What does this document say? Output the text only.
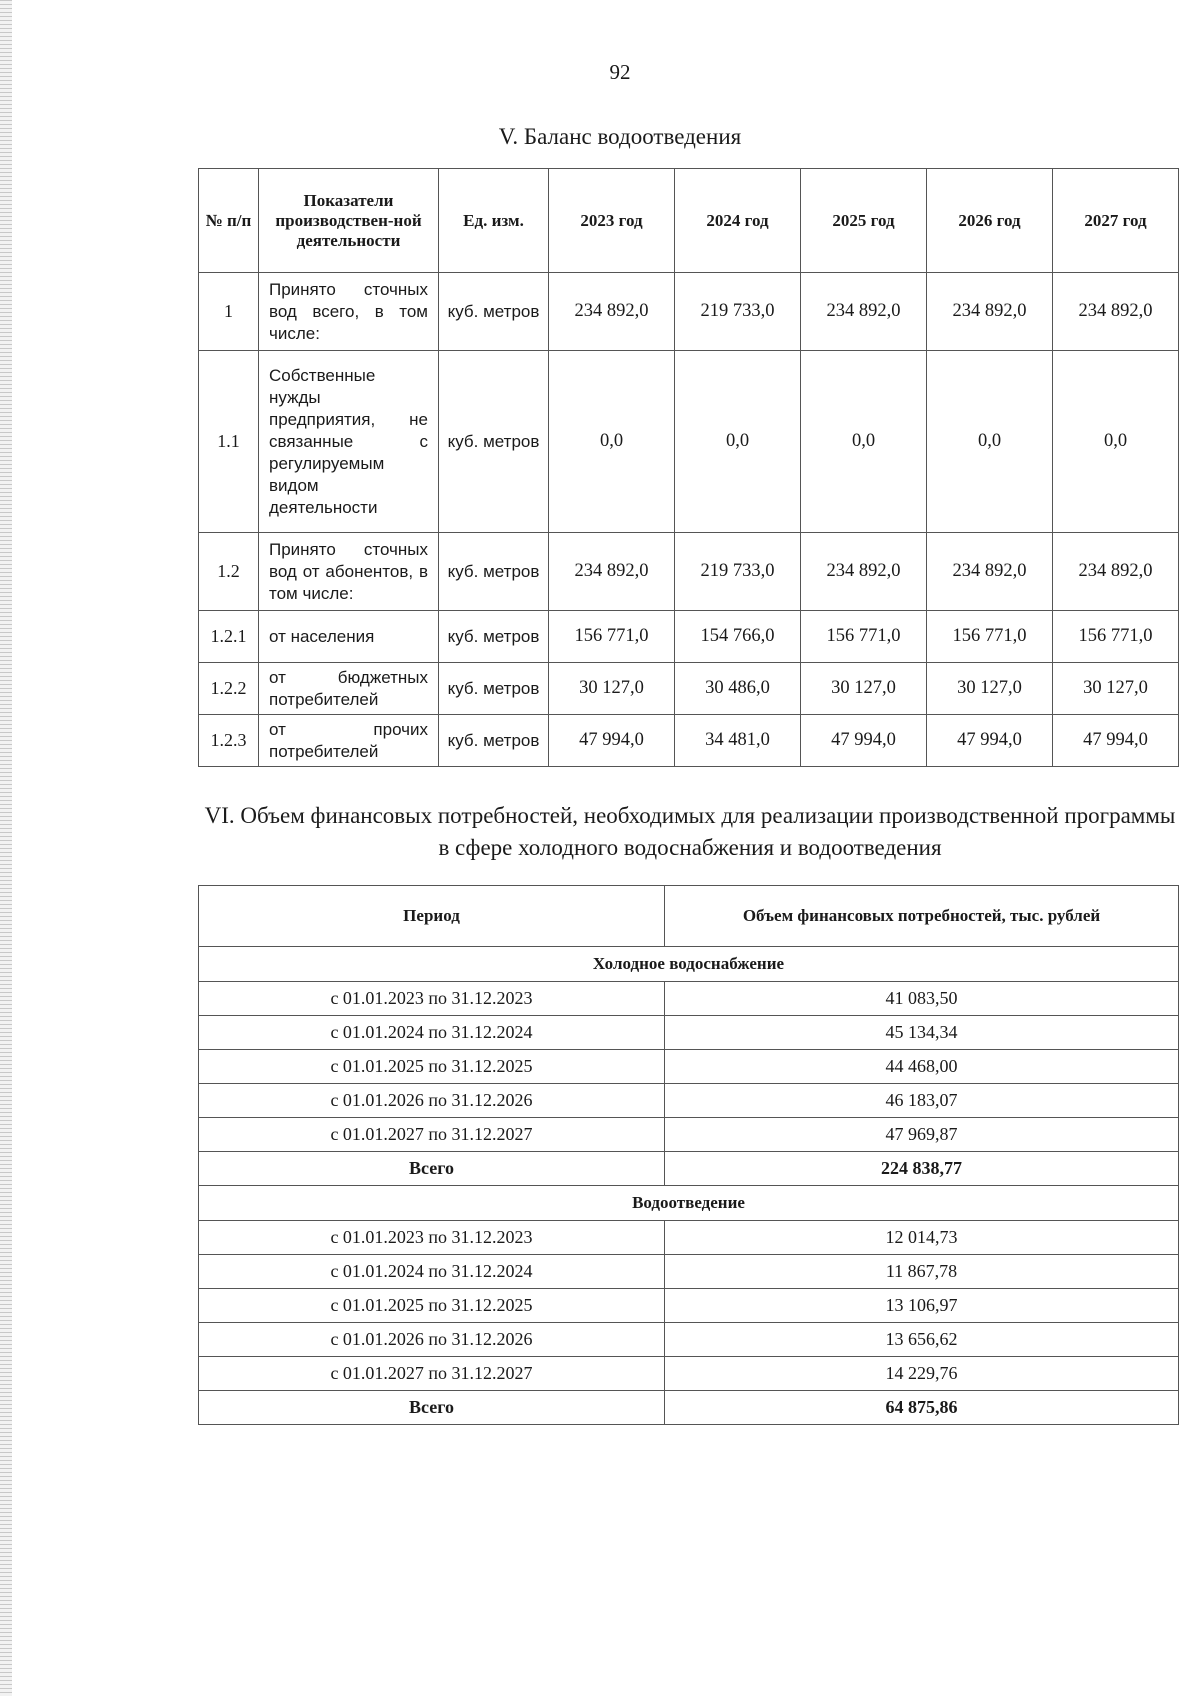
92
V. Баланс водоотведения
№ п/п	Показатели производствен-ной деятельности	Ед. изм.	2023 год	2024 год	2025 год	2026 год	2027 год
1	Принято сточных вод всего, в том числе:	куб. метров	234 892,0	219 733,0	234 892,0	234 892,0	234 892,0
1.1	Собственные нужды предприятия, не связанные с регулируемым видом деятельности	куб. метров	0,0	0,0	0,0	0,0	0,0
1.2	Принято сточных вод от абонентов, в том числе:	куб. метров	234 892,0	219 733,0	234 892,0	234 892,0	234 892,0
1.2.1	от населения	куб. метров	156 771,0	154 766,0	156 771,0	156 771,0	156 771,0
1.2.2	от бюджетных потребителей	куб. метров	30 127,0	30 486,0	30 127,0	30 127,0	30 127,0
1.2.3	от прочих потребителей	куб. метров	47 994,0	34 481,0	47 994,0	47 994,0	47 994,0
VI. Объем финансовых потребностей, необходимых для реализации производственной программы в сфере холодного водоснабжения и водоотведения
Период	Объем финансовых потребностей, тыс. рублей
Холодное водоснабжение	
с 01.01.2023 по 31.12.2023	41 083,50
с 01.01.2024 по 31.12.2024	45 134,34
с 01.01.2025 по 31.12.2025	44 468,00
с 01.01.2026 по 31.12.2026	46 183,07
с 01.01.2027 по 31.12.2027	47 969,87
Всего	224 838,77
Водоотведение	
с 01.01.2023 по 31.12.2023	12 014,73
с 01.01.2024 по 31.12.2024	11 867,78
с 01.01.2025 по 31.12.2025	13 106,97
с 01.01.2026 по 31.12.2026	13 656,62
с 01.01.2027 по 31.12.2027	14 229,76
Всего	64 875,86
